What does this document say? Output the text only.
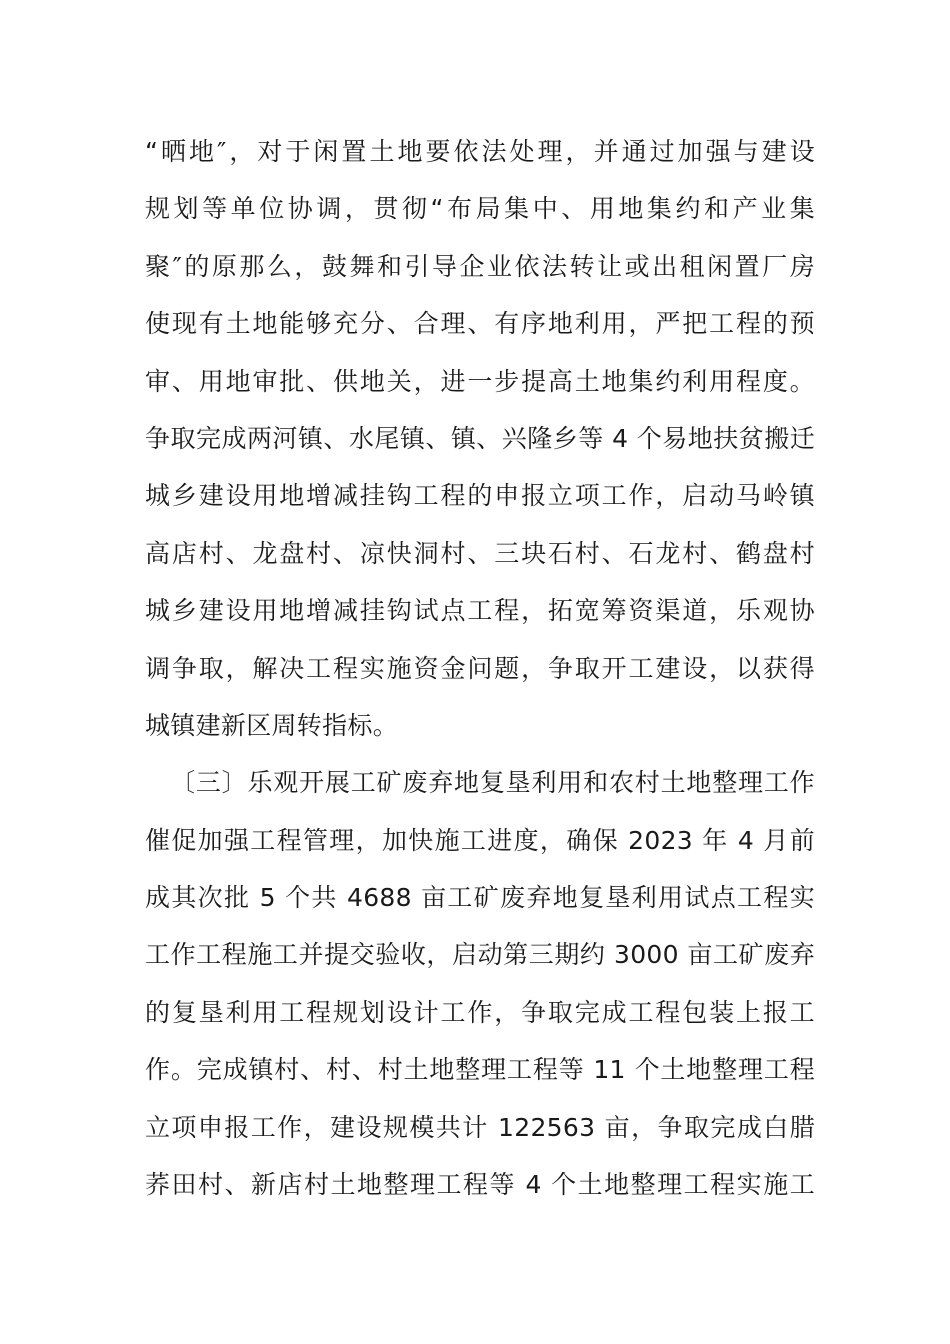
“晒地″，对于闲置土地要依法处理，并通过加强与建设
规划等单位协调，贯彻“布局集中、用地集约和产业集
聚″的原那么，鼓舞和引导企业依法转让或出租闲置厂房
使现有土地能够充分、合理、有序地利用，严把工程的预
审、用地审批、供地关，进一步提高土地集约利用程度。
争取完成两河镇、水尾镇、镇、兴隆乡等 4 个易地扶贫搬迁
城乡建设用地增减挂钩工程的申报立项工作，启动马岭镇
高店村、龙盘村、凉快洞村、三块石村、石龙村、鹤盘村
城乡建设用地增减挂钩试点工程，拓宽筹资渠道，乐观协
调争取，解决工程实施资金问题，争取开工建设，以获得
城镇建新区周转指标。
〔三〕乐观开展工矿废弃地复垦利用和农村土地整理工作
催促加强工程管理，加快施工进度，确保 2023 年 4 月前
成其次批 5 个共 4688 亩工矿废弃地复垦利用试点工程实
工作工程施工并提交验收，启动第三期约 3000 亩工矿废弃
的复垦利用工程规划设计工作，争取完成工程包装上报工
作。完成镇村、村、村土地整理工程等 11 个土地整理工程
立项申报工作，建设规模共计 122563 亩，争取完成白腊
荞田村、新店村土地整理工程等 4 个土地整理工程实施工
